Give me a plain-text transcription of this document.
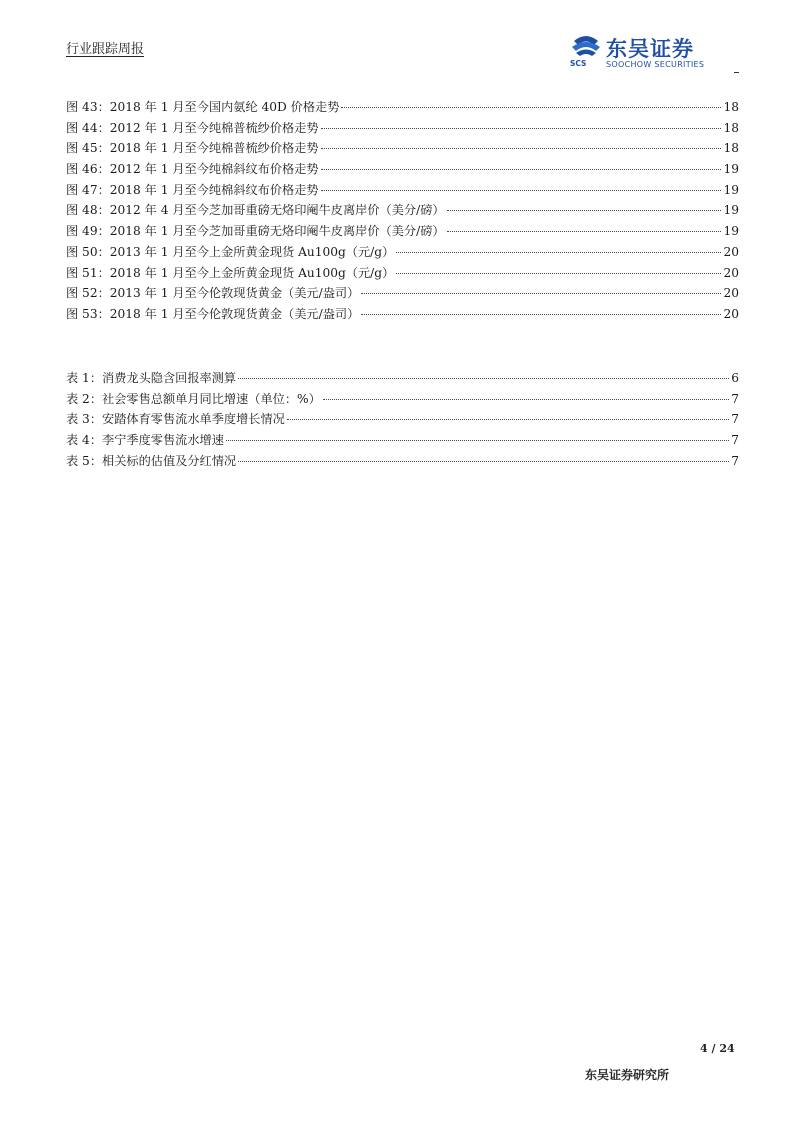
行业跟踪周报
SCS
东吴证券
SOOCHOW SECURITIES
图 43：2018 年 1 月至今国内氨纶 40D 价格走势	18
图 44：2012 年 1 月至今纯棉普梳纱价格走势	18
图 45：2018 年 1 月至今纯棉普梳纱价格走势	18
图 46：2012 年 1 月至今纯棉斜纹布价格走势	19
图 47：2018 年 1 月至今纯棉斜纹布价格走势	19
图 48：2012 年 4 月至今芝加哥重磅无烙印阉牛皮离岸价（美分/磅）	19
图 49：2018 年 1 月至今芝加哥重磅无烙印阉牛皮离岸价（美分/磅）	19
图 50：2013 年 1 月至今上金所黄金现货 Au100g（元/g）	20
图 51：2018 年 1 月至今上金所黄金现货 Au100g（元/g）	20
图 52：2013 年 1 月至今伦敦现货黄金（美元/盎司）	20
图 53：2018 年 1 月至今伦敦现货黄金（美元/盎司）	20
表 1：消费龙头隐含回报率测算	6
表 2：社会零售总额单月同比增速（单位：%）	7
表 3：安踏体育零售流水单季度增长情况	7
表 4：李宁季度零售流水增速	7
表 5：相关标的估值及分红情况	7
4 / 24
东吴证券研究所
